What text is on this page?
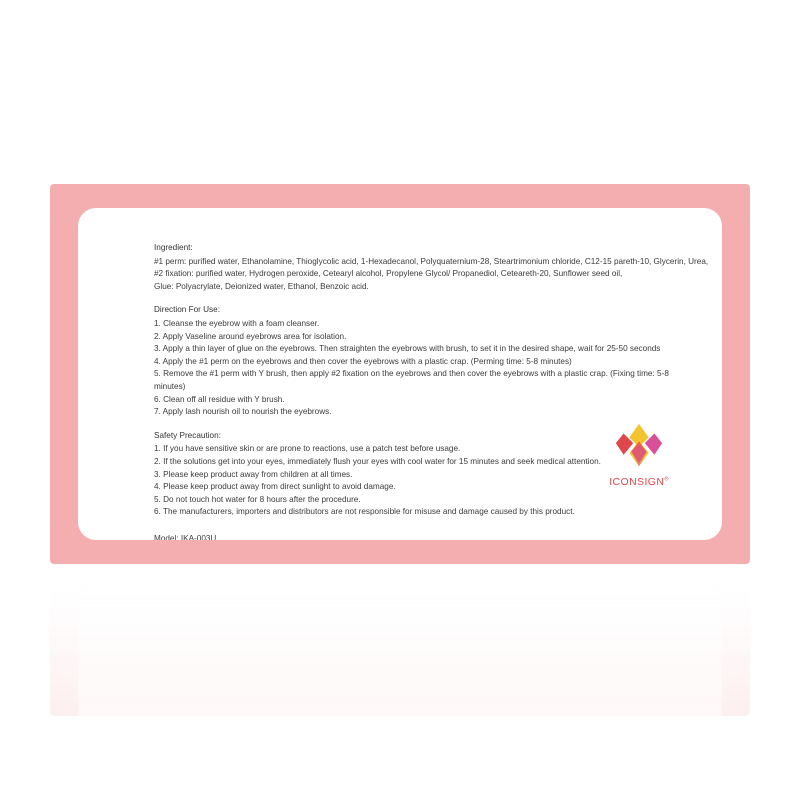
Ingredient:

#1 perm: purified water, Ethanolamine, Thioglycolic acid, 1-Hexadecanol, Polyquaternium-28, Steartrimonium chloride, C12-15 pareth-10, Glycerin, Urea,

#2 fixation: purified water, Hydrogen peroxide, Cetearyl alcohol, Propylene Glycol/ Propanediol, Ceteareth-20, Sunflower seed oil,

Glue: Polyacrylate, Deionized water, Ethanol, Benzoic acid.

Direction For Use:

1. Cleanse the eyebrow with a foam cleanser.

2. Apply Vaseline around eyebrows area for isolation.

3. Apply a thin layer of glue on the eyebrows. Then straighten the eyebrows with brush, to set it in the desired shape, wait for 25-50 seconds

4. Apply the #1 perm on the eyebrows and then cover the eyebrows with a plastic crap. (Perming time: 5-8 minutes)

5. Remove the #1 perm with Y brush, then apply #2 fixation on the eyebrows and then cover the eyebrows with a plastic crap. (Fixing time: 5-8 minutes)

6. Clean off all residue with Y brush.

7. Apply lash nourish oil to nourish the eyebrows.

Safety Precaution:

1. If you have sensitive skin or are prone to reactions, use a patch test before usage.

2. If the solutions get into your eyes, immediately flush your eyes with cool water for 15 minutes and seek medical attention.

3. Please keep product away from children at all times.

4. Please keep product away from direct sunlight to avoid damage.

5. Do not touch hot water for 8 hours after the procedure.

6. The manufacturers, importers and distributors are not responsible for misuse and damage caused by this product.

Model: IKA-003U

ICONSIGN®
